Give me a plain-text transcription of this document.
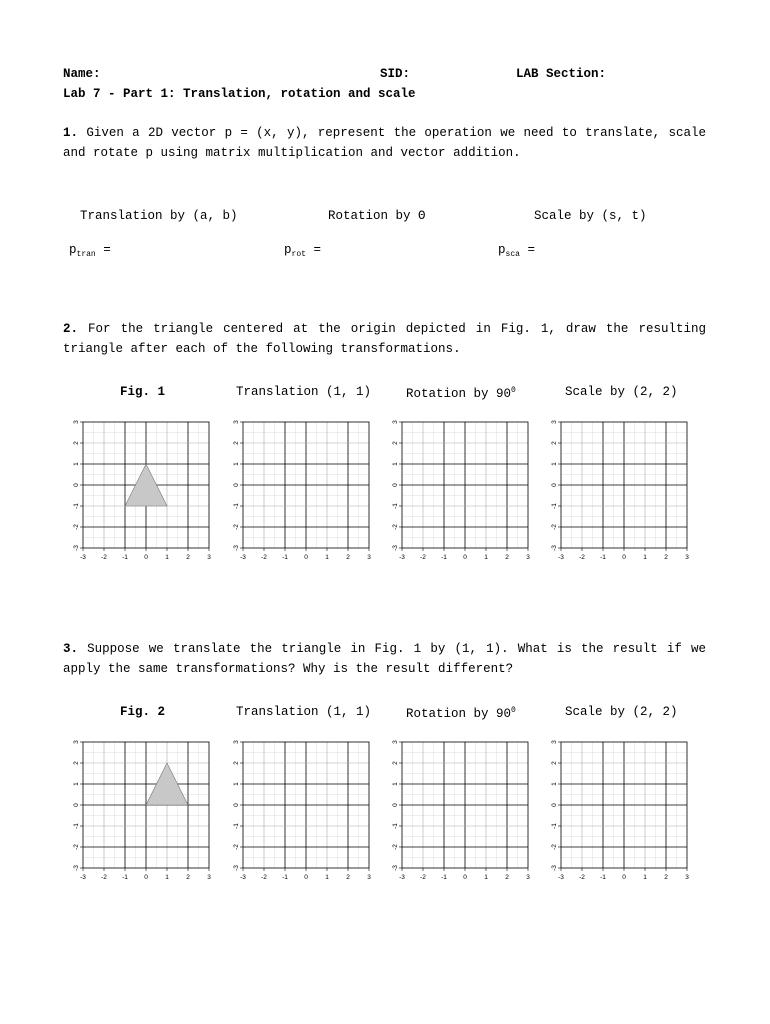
Name:	SID:	LAB Section:
Lab 7 - Part 1: Translation, rotation and scale
1. Given a 2D vector p = (x, y), represent the operation we need to translate, scale and rotate p using matrix multiplication and vector addition.
Translation by (a, b)	Rotation by Θ	Scale by (s, t)
$p_{tran}$ =	$p_{rot}$ =	$p_{sca}$ =
2. For the triangle centered at the origin depicted in Fig. 1, draw the resulting triangle after each of the following transformations.
Fig. 1	Translation (1, 1)	Rotation by $90^0$	Scale by (2, 2)
-3 -2 -1	0	1	2	3
-3
-2
-1
0
1
2
3
-3 -2 -1	0	1	2	3
-3
-2
-1
0
1
2
3
-3 -2 -1	0	1	2	3
-3
-2
-1
0
1
2
3
-3 -2 -1	0	1	2	3
-3
-2
-1
0
1
2
3
3. Suppose we translate the triangle in Fig. 1 by (1, 1). What is the result if we apply the same transformations? Why is the result different?
Fig. 2	Translation (1, 1)	Rotation by $90^0$	Scale by (2, 2)
-3 -2 -1	0	1	2	3
-3
-2
-1
0
1
2
3
-3 -2 -1	0	1	2	3
-3
-2
-1
0
1
2
3
-3 -2 -1	0	1	2	3
-3
-2
-1
0
1
2
3
-3 -2 -1	0	1	2	3
-3
-2
-1
0
1
2
3
